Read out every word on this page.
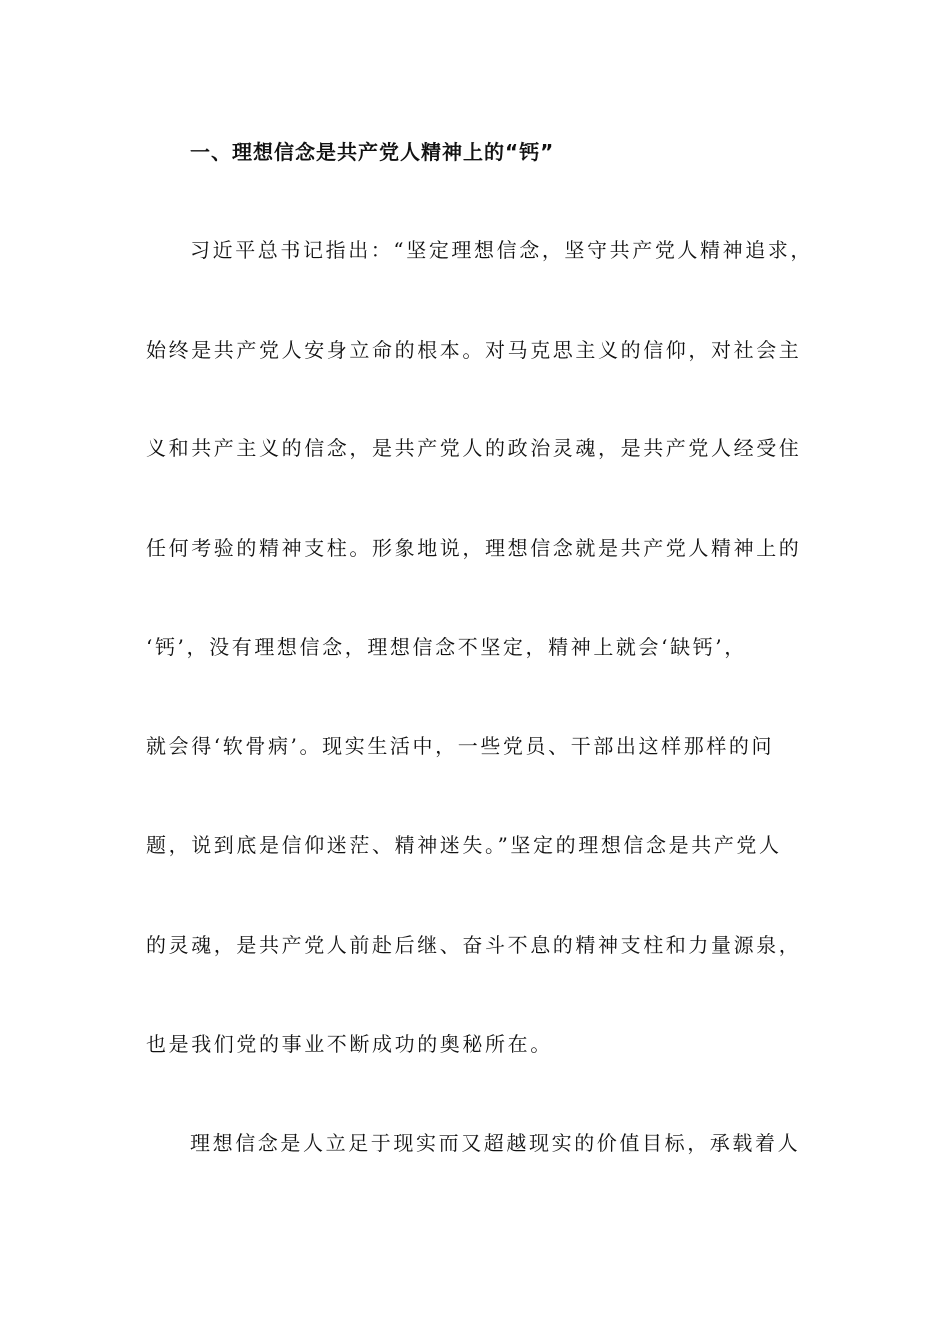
一、理想信念是共产党人精神上的“钙”
习近平总书记指出：“坚定理想信念，坚守共产党人精神追求，
始终是共产党人安身立命的根本。对马克思主义的信仰，对社会主
义和共产主义的信念，是共产党人的政治灵魂，是共产党人经受住
任何考验的精神支柱。形象地说，理想信念就是共产党人精神上的
‘钙’，没有理想信念，理想信念不坚定，精神上就会‘缺钙’，
就会得‘软骨病’。现实生活中，一些党员、干部出这样那样的问
题，说到底是信仰迷茫、精神迷失。”坚定的理想信念是共产党人
的灵魂，是共产党人前赴后继、奋斗不息的精神支柱和力量源泉，
也是我们党的事业不断成功的奥秘所在。
理想信念是人立足于现实而又超越现实的价值目标，承载着人
